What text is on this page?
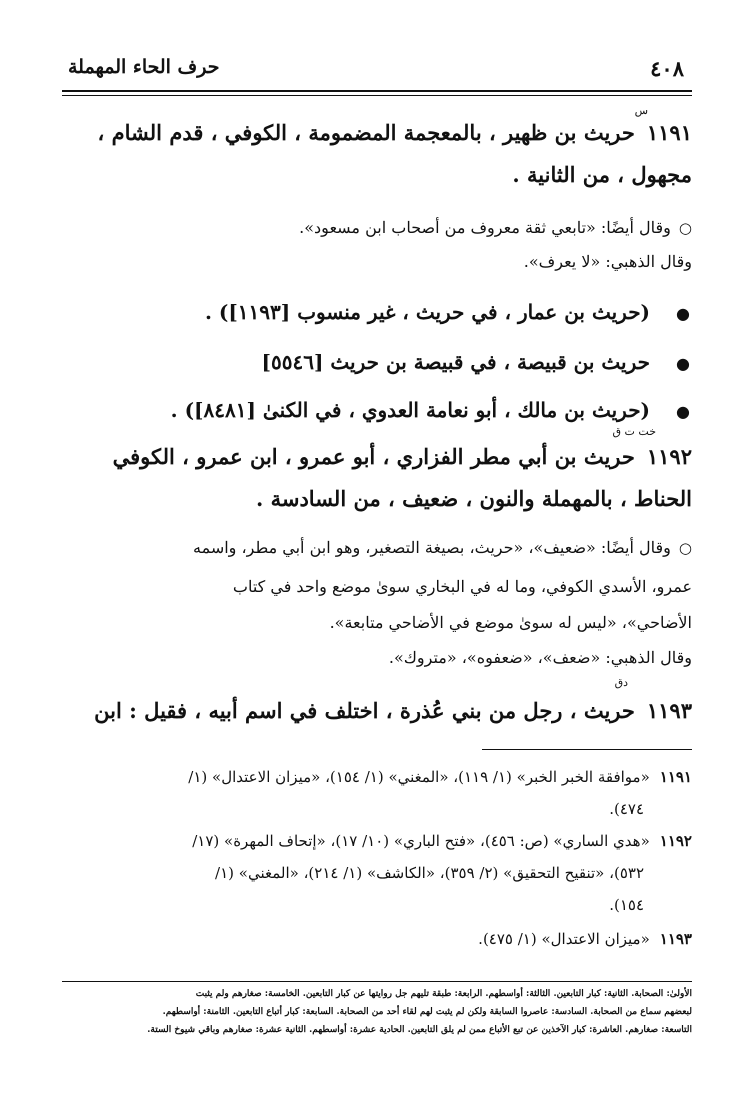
٤٠٨
حرف الحاء المهملة
س
١١٩١حريث بن ظهير ، بالمعجمة المضمومة ، الكوفي ، قدم الشام ،
مجهول ، من الثانية .
○وقال أيضًا: «تابعي ثقة معروف من أصحاب ابن مسعود».
وقال الذهبي: «لا يعرف».
●(حريث بن عمار ، في حريث ، غير منسوب [١١٩٣]) .
●حريث بن قبيصة ، في قبيصة بن حريث [٥٥٤٦]
●(حريث بن مالك ، أبو نعامة العدوي ، في الكنىٰ [٨٤٨١]) .
خت ت ق
١١٩٢حريث بن أبي مطر الفزاري ، أبو عمرو ، ابن عمرو ، الكوفي
الحناط ، بالمهملة والنون ، ضعيف ، من السادسة .
○وقال أيضًا: «ضعيف»، «حريث، بصيغة التصغير، وهو ابن أبي مطر، واسمه
عمرو، الأسدي الكوفي، وما له في البخاري سوىٰ موضع واحد في كتاب
الأضاحي»، «ليس له سوىٰ موضع في الأضاحي متابعة».
وقال الذهبي: «ضعف»، «ضعفوه»، «متروك».
دق
١١٩٣حريث ، رجل من بني عُذرة ، اختلف في اسم أبيه ، فقيل : ابن
١١٩١«موافقة الخبر الخبر» (١/ ١١٩)، «المغني» (١/ ١٥٤)، «ميزان الاعتدال» (١/
٤٧٤).
١١٩٢«هدي الساري» (ص: ٤٥٦)، «فتح الباري» (١٠/ ١٧)، «إتحاف المهرة» (١٧/
٥٣٢)، «تنقيح التحقيق» (٢/ ٣٥٩)، «الكاشف» (١/ ٢١٤)، «المغني» (١/
١٥٤).
١١٩٣«ميزان الاعتدال» (١/ ٤٧٥).
الأولىٰ: الصحابة. الثانية: كبار التابعين. الثالثة: أواسطهم. الرابعة: طبقة تليهم جل روايتها عن كبار التابعين. الخامسة: صغارهم ولم يثبت
لبعضهم سماع من الصحابة. السادسة: عاصروا السابقة ولكن لم يثبت لهم لقاء أحد من الصحابة. السابعة: كبار أتباع التابعين. الثامنة: أواسطهم.
التاسعة: صغارهم. العاشرة: كبار الآخذين عن تبع الأتباع ممن لم يلق التابعين. الحادية عشرة: أواسطهم. الثانية عشرة: صغارهم وباقي شيوخ الستة.
